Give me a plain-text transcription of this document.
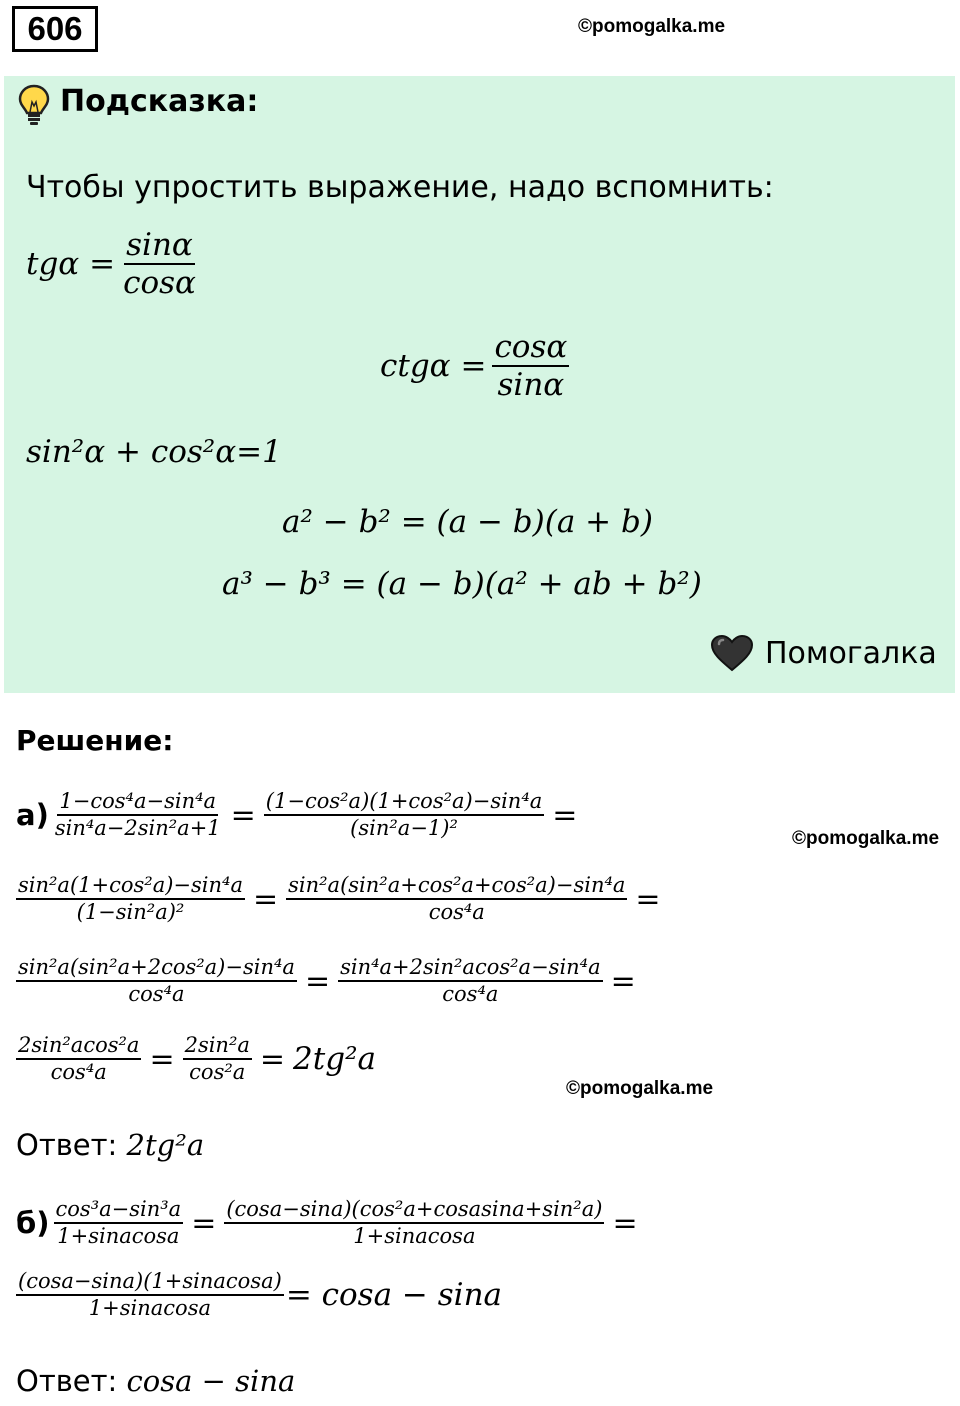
606	©pomogalka.me
Подсказка:
Чтобы упростить выражение, надо вспомнить:
$tg\alpha = \frac{\sin\alpha}{\cos\alpha}$
$ctg\alpha = \frac{\cos\alpha}{\sin\alpha}$
sin²α + cos²α=1
a² − b² = (a − b)(a + b)
a³ − b³ = (a − b)(a² + ab + b²)
Помогалка
Решение:
$а) \frac{\text{1−cos⁴a−sin⁴a}}{\text{sin⁴a−2sin²a+1}} = \frac{\text{(1−cos²a)(1+cos²a)−sin⁴a}}{\text{(sin²a−1)²}}$ =
©pomogalka.me
$\frac{\text{sin²a(1+cos²a)−sin⁴a}}{\text{(1−sin²a)²}} = \frac{\text{sin²a(sin²a+cos²a+cos²a)−sin⁴a}}{\text{cos⁴a}}$ =
$\frac{\text{sin²a(sin²a+2cos²a)−sin⁴a}}{\text{cos⁴a}} = \frac{\text{sin⁴a+2sin²acos²a−sin⁴a}}{\text{cos⁴a}}$ =
$\frac{\text{2sin²acos²a}}{\text{cos⁴a}} = \frac{\text{2sin²a}}{\text{cos²a}} = 2tg^2a$
©pomogalka.me
Ответ: 2tg²a
$б) \frac{\text{cos³a−sin³a}}{\text{1+sinacosa}} = \frac{\text{(cosa−sina)(cos²a+cosasina+sin²a)}}{\text{1+sinacosa}}$ =
$\frac{\text{(cosa−sina)(1+sinacosa)}}{\text{1+sinacosa}} = \cos a - \sin a$
Ответ: cosa − sina
